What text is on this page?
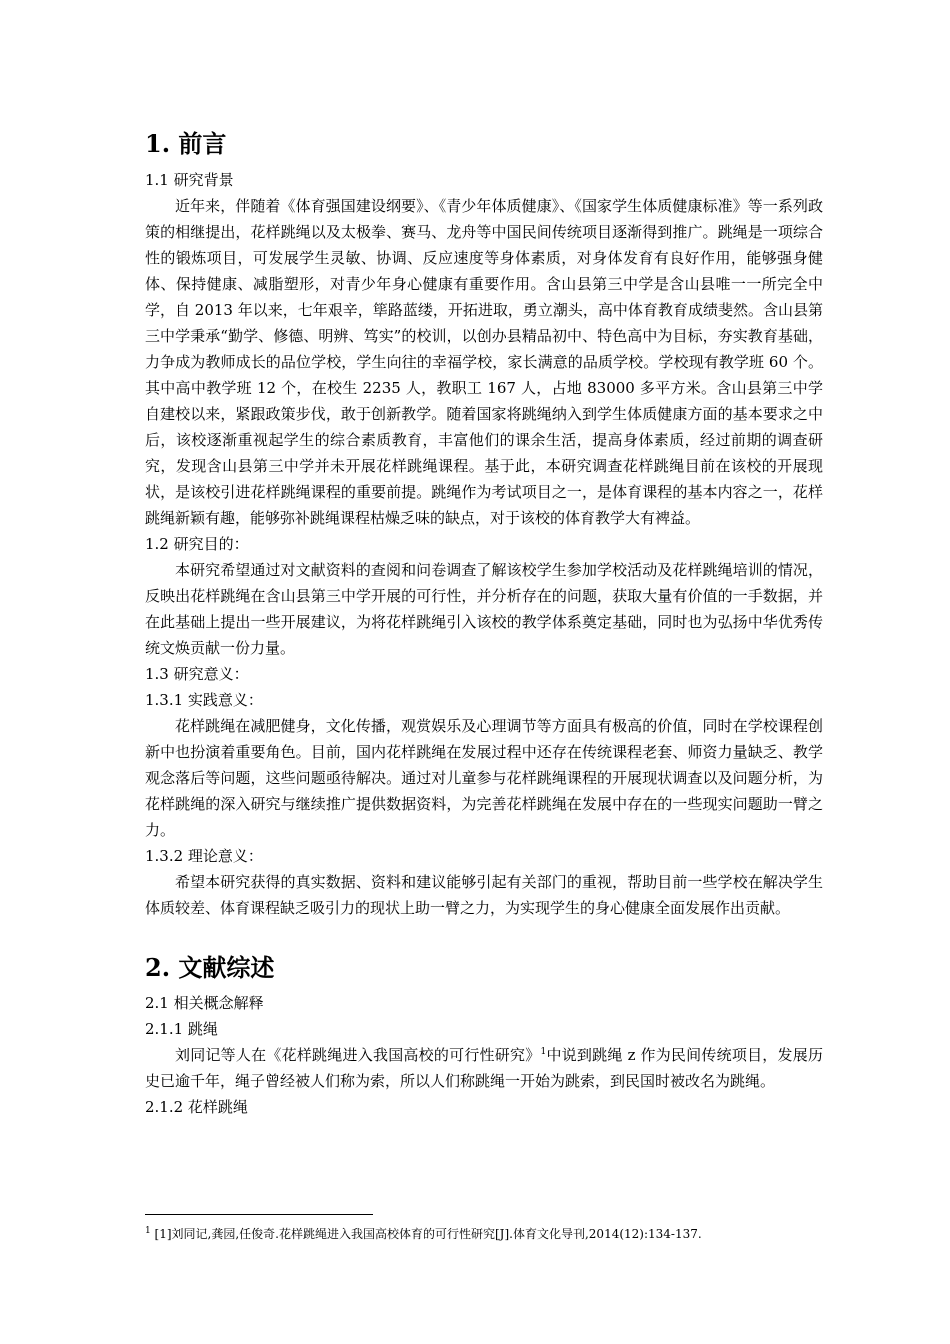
1. 前言
1.1 研究背景

近年来，伴随着《体育强国建设纲要》、《青少年体质健康》、《国家学生体质健康标准》等一系列政策的相继提出，花样跳绳以及太极拳、赛马、龙舟等中国民间传统项目逐渐得到推广。跳绳是一项综合性的锻炼项目，可发展学生灵敏、协调、反应速度等身体素质，对身体发育有良好作用，能够强身健体、保持健康、减脂塑形，对青少年身心健康有重要作用。含山县第三中学是含山县唯一一所完全中学，自 2013 年以来，七年艰辛，筚路蓝缕，开拓进取，勇立潮头，高中体育教育成绩斐然。含山县第三中学秉承“勤学、修德、明辨、笃实”的校训，以创办县精品初中、特色高中为目标，夯实教育基础，力争成为教师成长的品位学校，学生向往的幸福学校，家长满意的品质学校。学校现有教学班 60 个。其中高中教学班 12 个，在校生 2235 人，教职工 167 人，占地 83000 多平方米。含山县第三中学自建校以来，紧跟政策步伐，敢于创新教学。随着国家将跳绳纳入到学生体质健康方面的基本要求之中后，该校逐渐重视起学生的综合素质教育，丰富他们的课余生活，提高身体素质，经过前期的调查研究，发现含山县第三中学并未开展花样跳绳课程。基于此，本研究调查花样跳绳目前在该校的开展现状，是该校引进花样跳绳课程的重要前提。跳绳作为考试项目之一，是体育课程的基本内容之一，花样跳绳新颖有趣，能够弥补跳绳课程枯燥乏味的缺点，对于该校的体育教学大有裨益。

1.2 研究目的：

本研究希望通过对文献资料的查阅和问卷调查了解该校学生参加学校活动及花样跳绳培训的情况，反映出花样跳绳在含山县第三中学开展的可行性，并分析存在的问题，获取大量有价值的一手数据，并在此基础上提出一些开展建议，为将花样跳绳引入该校的教学体系奠定基础，同时也为弘扬中华优秀传统文焕贡献一份力量。

1.3 研究意义：
1.3.1 实践意义：

花样跳绳在减肥健身，文化传播，观赏娱乐及心理调节等方面具有极高的价值，同时在学校课程创新中也扮演着重要角色。目前，国内花样跳绳在发展过程中还存在传统课程老套、师资力量缺乏、教学观念落后等问题，这些问题亟待解决。通过对儿童参与花样跳绳课程的开展现状调查以及问题分析，为花样跳绳的深入研究与继续推广提供数据资料，为完善花样跳绳在发展中存在的一些现实问题助一臂之力。

1.3.2 理论意义：

希望本研究获得的真实数据、资料和建议能够引起有关部门的重视，帮助目前一些学校在解决学生体质较差、体育课程缺乏吸引力的现状上助一臂之力，为实现学生的身心健康全面发展作出贡献。

2. 文献综述
2.1 相关概念解释
2.1.1 跳绳

刘同记等人在《花样跳绳进入我国高校的可行性研究》$^1$中说到跳绳 z 作为民间传统项目，发展历史已逾千年，绳子曾经被人们称为索，所以人们称跳绳一开始为跳索，到民国时被改名为跳绳。

2.1.2 花样跳绳
$^1$ [1]刘同记,龚园,任俊奇.花样跳绳进入我国高校体育的可行性研究[J].体育文化导刊,2014(12):134-137.
